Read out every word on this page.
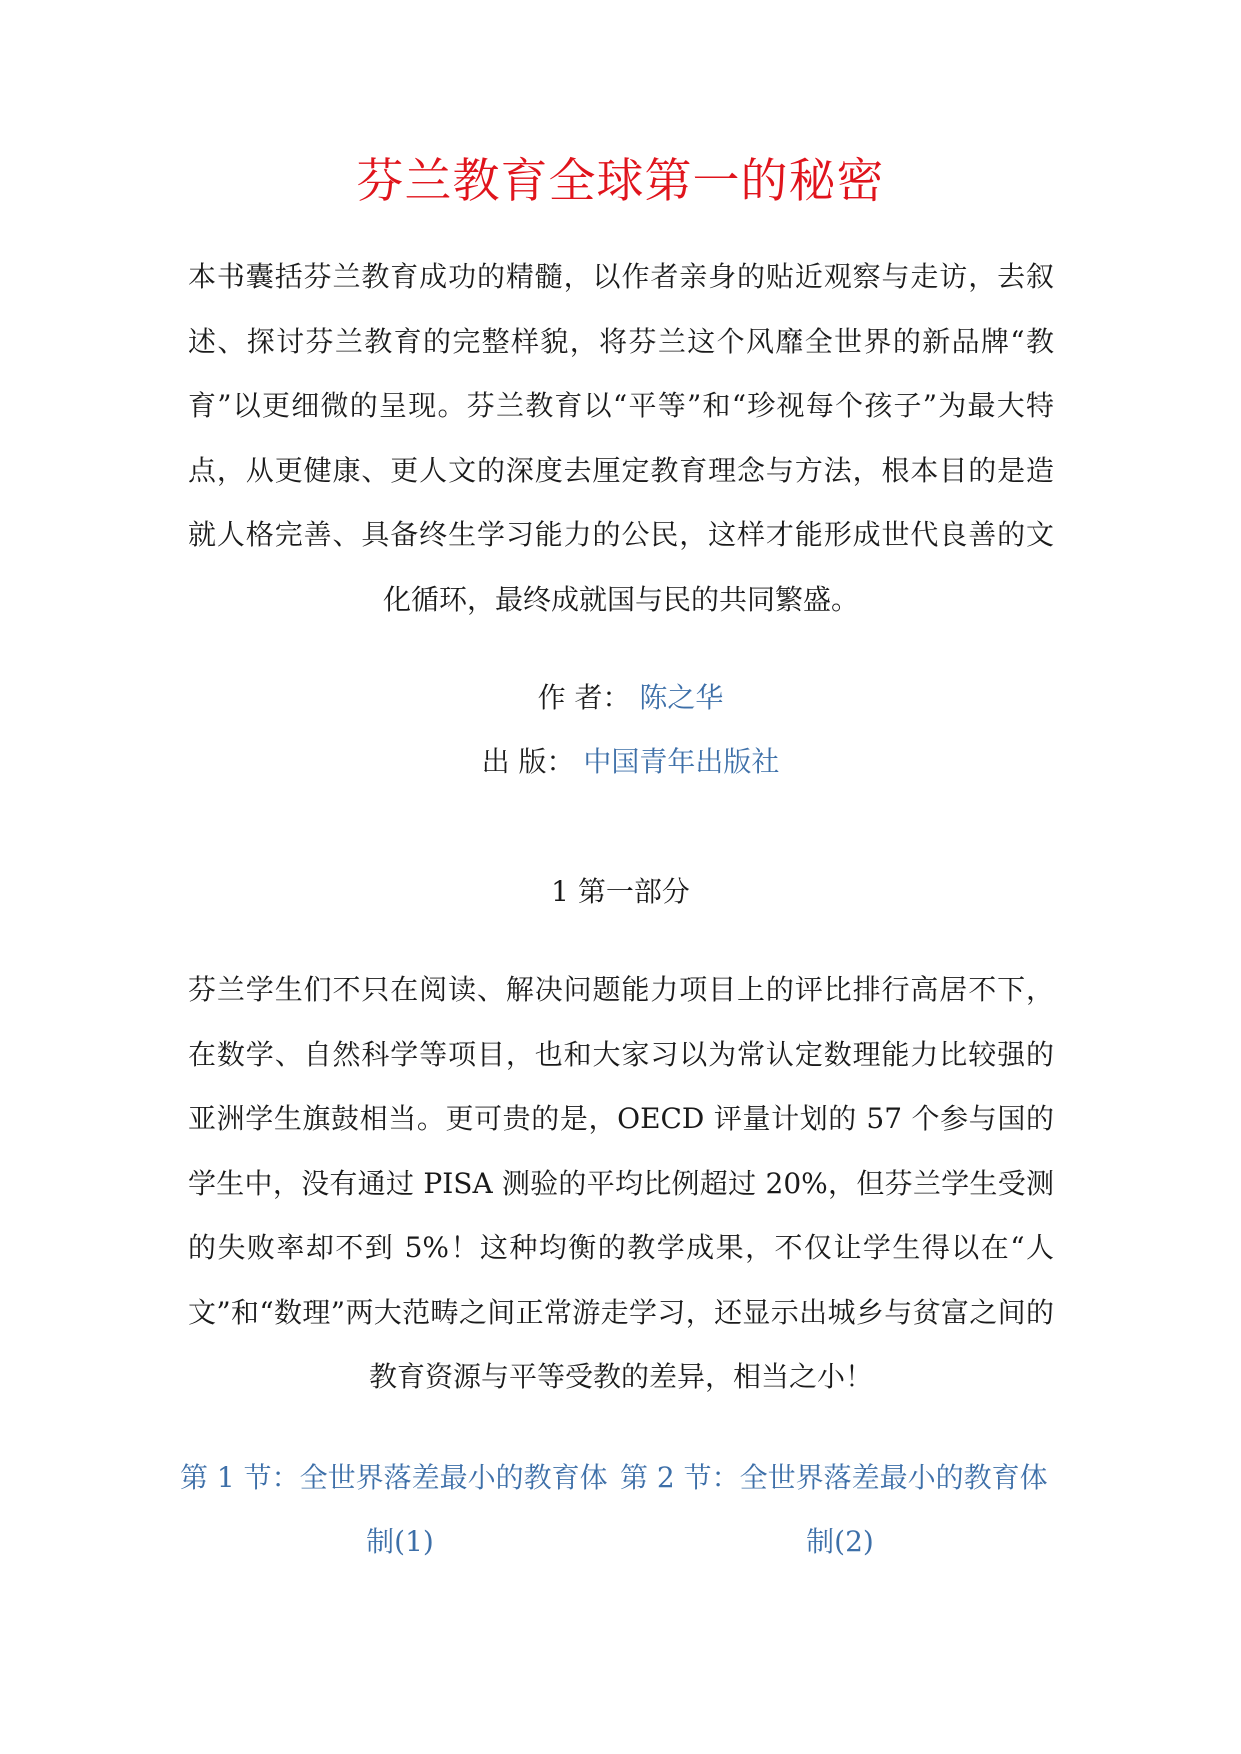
芬兰教育全球第一的秘密
本书囊括芬兰教育成功的精髓，以作者亲身的贴近观察与走访，去叙述、探讨芬兰教育的完整样貌，将芬兰这个风靡全世界的新品牌“教育”以更细微的呈现。芬兰教育以“平等”和“珍视每个孩子”为最大特点，从更健康、更人文的深度去厘定教育理念与方法，根本目的是造就人格完善、具备终生学习能力的公民，这样才能形成世代良善的文化循环，最终成就国与民的共同繁盛。
作 者： 陈之华
出 版： 中国青年出版社
1 第一部分
芬兰学生们不只在阅读、解决问题能力项目上的评比排行高居不下，在数学、自然科学等项目，也和大家习以为常认定数理能力比较强的亚洲学生旗鼓相当。更可贵的是，OECD 评量计划的 57 个参与国的学生中，没有通过 PISA 测验的平均比例超过 20%，但芬兰学生受测的失败率却不到 5%！这种均衡的教学成果，不仅让学生得以在“人文”和“数理”两大范畴之间正常游走学习，还显示出城乡与贫富之间的教育资源与平等受教的差异，相当之小！
第 1 节：全世界落差最小的教育体
制(1)
第 2 节：全世界落差最小的教育体
制(2)
